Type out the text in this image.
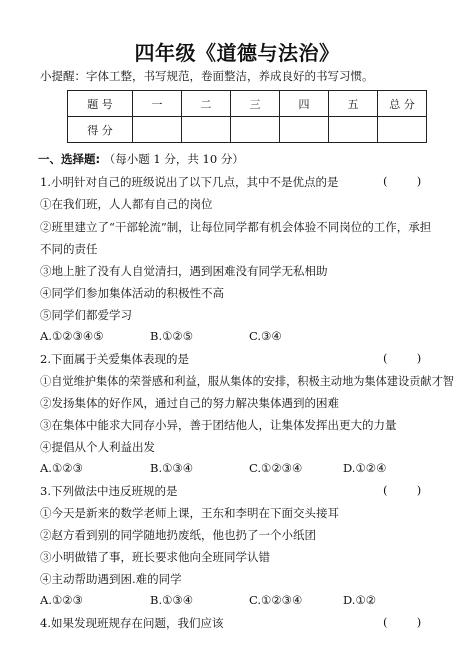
四年级《道德与法治》
小提醒：字体工整，书写规范，卷面整洁，养成良好的书写习惯。
题 号	一	二	三	四	五	总 分
得 分						
一、选择题: （每小题 1 分，共 10 分）
1.小明针对自己的班级说出了以下几点，其中不是优点的是	(        )
①在我们班，人人都有自己的岗位
②班里建立了“干部轮流”制，让每位同学都有机会体验不同岗位的工作，承担
不同的责任
③地上脏了没有人自觉清扫，遇到困难没有同学无私相助
④同学们参加集体活动的积极性不高
⑤同学们都爱学习
A.①②③④⑤	B.①②⑤	C.③④
2.下面属于关爱集体表现的是	(        )
①自觉维护集体的荣誉感和利益，服从集体的安排，积极主动地为集体建设贡献才智
②发扬集体的好作风，通过自己的努力解决集体遇到的困难
③在集体中能求大同存小异，善于团结他人，让集体发挥出更大的力量
④提倡从个人利益出发
A.①②③	B.①③④	C.①②③④	D.①②④
3.下列做法中违反班规的是	(        )
①今天是新来的数学老师上课，王东和李明在下面交头接耳
②赵方看到别的同学随地扔废纸，他也扔了一个小纸团
③小明做错了事，班长要求他向全班同学认错
④主动帮助遇到困.难的同学
A.①②③	B.①③④	C.①②③④	D.①②
4.如果发现班规存在问题，我们应该	(        )
